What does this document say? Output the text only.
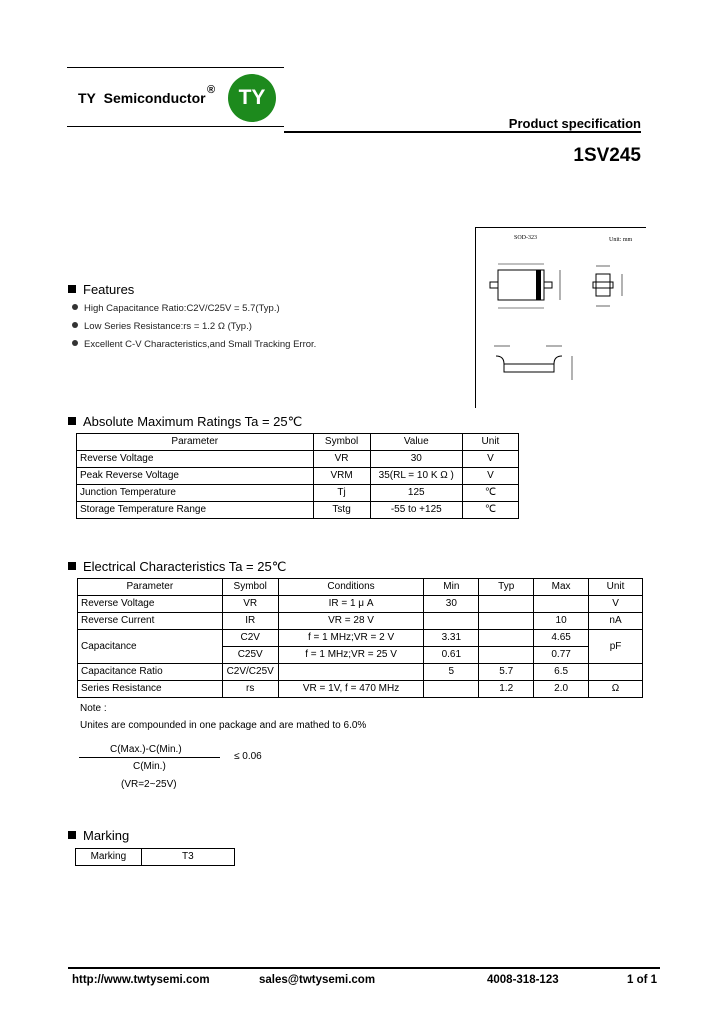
TY Semiconductor ®	TY
Product specification
1SV245
SOD-323	Unit: mm
Features
High Capacitance Ratio:C2V/C25V = 5.7(Typ.)
Low Series Resistance:rs = 1.2 Ω (Typ.)
Excellent C-V Characteristics,and Small Tracking Error.
Absolute Maximum Ratings Ta = 25℃
Parameter	Symbol	Value	Unit
Reverse Voltage	VR	30	V
Peak Reverse Voltage	VRM	35(RL = 10 K Ω )	V
Junction Temperature	Tj	125	℃
Storage Temperature Range	Tstg	-55 to +125	℃
Electrical Characteristics Ta = 25℃
Parameter	Symbol	Conditions	Min	Typ	Max	Unit
Reverse Voltage	VR	IR = 1 μ A	30			V
Reverse Current	IR	VR = 28 V			10	nA
Capacitance	C2V	f = 1 MHz;VR = 2 V	3.31		4.65	pF
	C25V	f = 1 MHz;VR = 25 V	0.61		0.77	
Capacitance Ratio	C2V/C25V		5	5.7	6.5	
Series Resistance	rs	VR = 1V, f = 470 MHz		1.2	2.0	Ω
Note :
Unites are compounded in one package and are mathed to 6.0%
C(Max.)-C(Min.)
C(Min.)
(VR=2~25V)
≤ 0.06
Marking
Marking	T3
http://www.twtysemi.com	sales@twtysemi.com	4008-318-123	1 of 1
